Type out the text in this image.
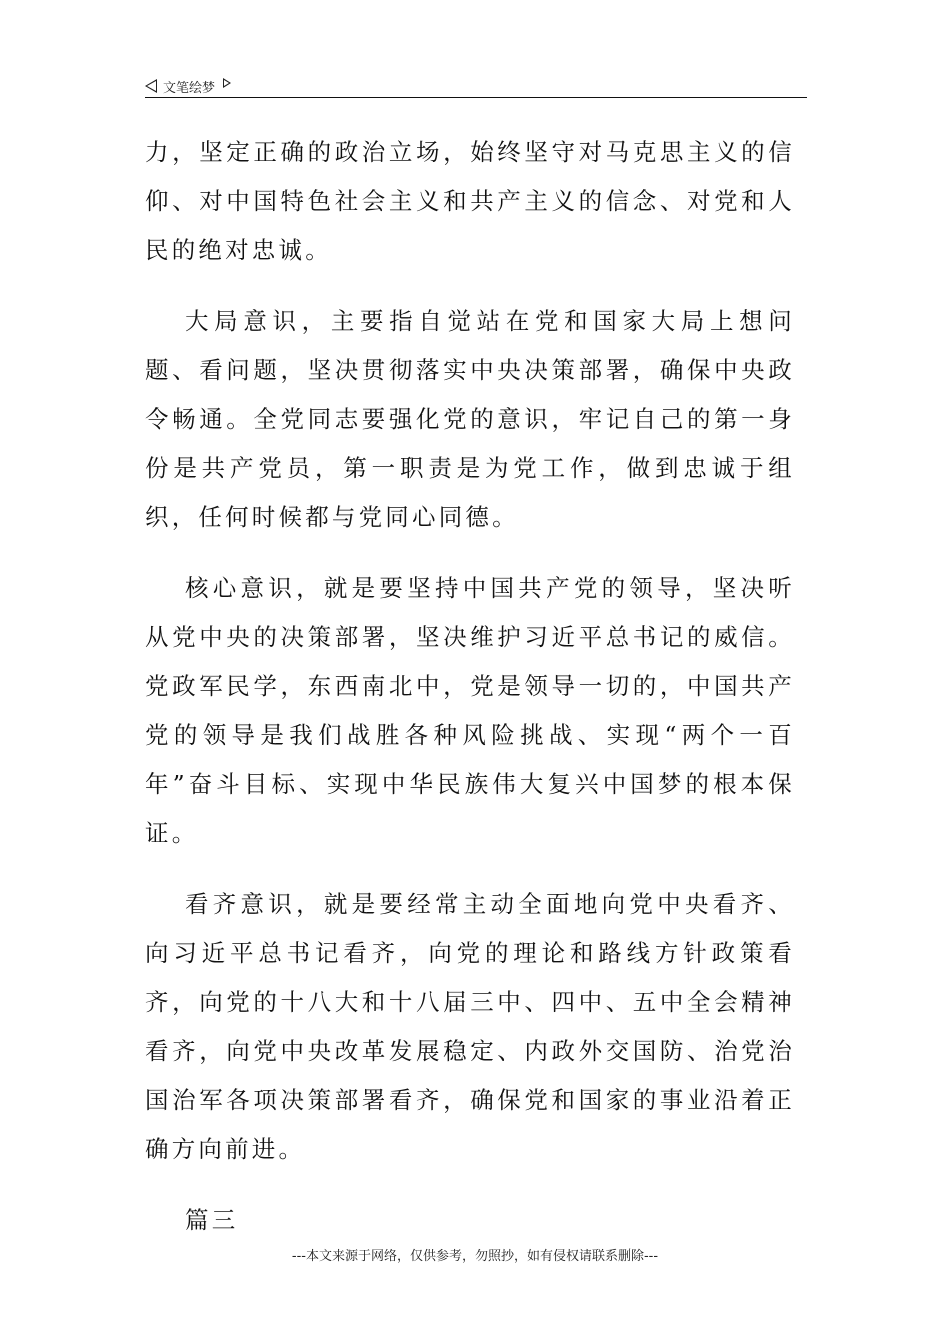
文笔绘梦

力，坚定正确的政治立场，始终坚守对马克思主义的信仰、对中国特色社会主义和共产主义的信念、对党和人民的绝对忠诚。

大局意识，主要指自觉站在党和国家大局上想问题、看问题，坚决贯彻落实中央决策部署，确保中央政令畅通。全党同志要强化党的意识，牢记自己的第一身份是共产党员，第一职责是为党工作，做到忠诚于组织，任何时候都与党同心同德。

核心意识，就是要坚持中国共产党的领导，坚决听从党中央的决策部署，坚决维护习近平总书记的威信。党政军民学，东西南北中，党是领导一切的，中国共产党的领导是我们战胜各种风险挑战、实现“两个一百年”奋斗目标、实现中华民族伟大复兴中国梦的根本保证。

看齐意识，就是要经常主动全面地向党中央看齐、向习近平总书记看齐，向党的理论和路线方针政策看齐，向党的十八大和十八届三中、四中、五中全会精神看齐，向党中央改革发展稳定、内政外交国防、治党治国治军各项决策部署看齐，确保党和国家的事业沿着正确方向前进。

篇三

---本文来源于网络，仅供参考，勿照抄，如有侵权请联系删除---
